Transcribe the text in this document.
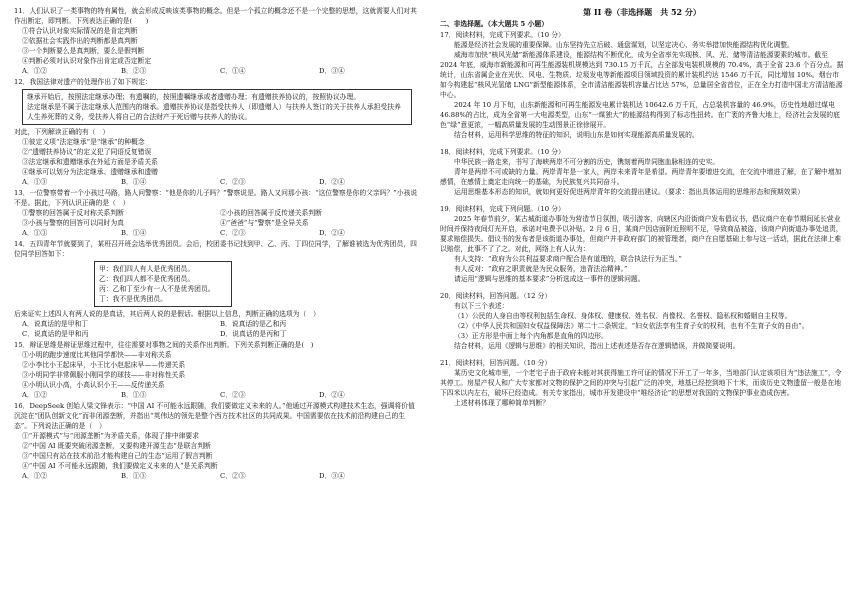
11．人们认识了一类事物的特有属性，就会形成反映该类事物的概念。但是一个孤立的概念还不是一个完整的思想，这就需要人们对其作出断定，即判断。下列表达正确的是(　　)
①符合认识对象实际情况的是肯定判断
②依据社会实践作出的判断都是真判断
③一个判断要么是真判断，要么是假判断
④判断必须对认识对象作出肯定或否定断定
A．①②	B．②③	C．①④	D．③④
12．我国法律对遗产的处理作出了如下规定：
继承开始后，按照法定继承办理；有遗嘱的，按照遗嘱继承或者遗赠办理；有遗赠扶养协议的，按照协议办理。
法定继承是不属于法定继承人范围内的继承。遗赠扶养协议是指受扶养人（即遗赠人）与扶养人签订的关于扶养人承担受扶养人生养死葬的义务，受扶养人将自己的合法财产于死后赠与扶养人的协议。
对此，下列解读正确的有（　）
①彼定义项“法定继承”是“继承”的种概念
②“遗赠扶养协议”的定义犯了同语反复错误
③法定继承和遗赠继承在外延方面是矛盾关系
④继承可以划分为法定继承、遗赠继承和遗赠
A．①③	B．①④	C．②③	D．②④
13．一位警察带着一个小孩过马路，路人问警察：“他是你的儿子吗？”警察说是。路人又问那小孩：“这位警察是你的父亲吗？”小孩说不是。据此，下列认识正确的是（　）
①警察的回答属于反对称关系判断	②小孩的回答属于反传递关系判断
③小孩与警察的回答可以同时为真	④“爸爸”与“警察”是全异关系
A．①③	B．①④	C．②③	D．②④
14．五四青年节就要到了，某班召开班会选举优秀团员。会后，校团委书记找到甲、乙、丙、丁四位同学，了解谁被选为优秀团员，四位同学回答如下：
甲：我们四人有人是优秀团员。
乙：我们四人都不是优秀团员。
丙：乙和丁至少有一人不是优秀团员。
丁：我不是优秀团员。
后来证实上述四人有两人说的是真话，其后两人说的是假话。根据以上信息，判断正确的选项为（　）
A．说真话的是甲和丁	B．说真话的是乙和丙
C．说真话的是甲和丙	D．说真话的是丙和丁
15．辩证思维是辩证思维过程中，往往需要对事物之间的关系作出判断。下列关系判断正确的是(　)
①小明的跑步速度比其他同学都快——非对称关系
②小李比小王起床早，小王比小赵起床早——传递关系
③小明同学非常佩服小刚同学的球技——非对称性关系
④小明认识小高，小高认识小王——反传递关系
A．①②	B．①③	C．②③	D．②④
16．DeepSeek 创始人梁文锋表示：“中国 AI 不可能永远跟随，我们要做定义未来的人。”他通过开源模式构建技术生态，强调将价值沉淀在“团队创新文化”而非闭源垄断，并指出“英伟达的领先是整个西方技术社区的共同成果。中国需要依在技术前沿构建自己的生态”。下列说法正确的是（　）
①“开源模式”与“闭源垄断”为矛盾关系，体现了排中律要求
②“中国 AI 既要突破闭源垄断，又要构建开源生态”是联言判断
③“中国只有站在技术前沿才能构建自己的生态”运用了假言判断
④“中国 AI 不可能永远跟随，我们要做定义未来的人”是关系判断
A．①②	B．①③	C．②③	D．③④
第 II 卷（非选择题　共 52 分）
二、非选择题。（本大题共 5 小题）
17．阅读材料，完成下列要求。（10 分）
能源是经济社会发展的重要保障。山东坚持先立后破、通盘谋划，以坚定决心、务实举措加快能源结构优化调整。
威海市加快“核风光储”新能源体系建设，能源结构不断优化，成为全省率先实现核、风、光、储等清洁能源要素的城市。截至 2024 年底，威海市新能源和可再生能源装机规模达到 730.15 万千瓦，占全部发电装机规模的 70.4%，高于全省 23.6 个百分点。据统计，山东省属企业在光伏、风电、生物质、垃圾发电等新能源项目领域投资的累计装机约达 1546 万千瓦，同比增加 10%。烟台市如今构建起“核风光氢储 LNG”新型能源体系，全市清洁能源装机容量占比达 57%，总量居全省首位，正在全力打造中国北方清洁能源中心。
2024 年 10 月下旬，山东新能源和可再生能源发电累计装机达 10642.6 万千瓦，占总装机容量的 46.9%，历史性地超过煤电 46.88%的占比，成为全省第一大电源类型，山东“一煤独大”的能源结构得到了标志性扭转。在广袤的齐鲁大地上，经济社会发展的底色“绿”意更浓，一幅高质量发展的生动图景正徐徐展开。
结合材料，运用科学思维的特征的知识，说明山东是如何实现能源高质量发展的。
18．阅读材料，完成下列要求。（10 分）
中华民族一路走来，书写了海峡两岸不可分割的历史，镌刻着两岸同胞血脉相连的史实。
青年是两岸不可或缺的力量。两岸青年是一家人，两岸未来青年是希望。两岸青年要增进交流，在交流中增进了解，在了解中增加感情，在感情上奠定走向统一的基础，为民族复兴共同奋斗。
运用思维基本形态的知识，就如何更好促进两岸青年的交流提出建议。（要求：指出具体运用的思维形态和预期效果）
19．阅读材料，完成下列问题。（10 分）
2025 年春节前夕，某古城街道办事处为营造节日氛围，吸引游客，向辖区内沿街商户发布倡议书，倡议商户在春节期间延长营业时间并保持夜间灯光开启，承诺对电费予以补贴。2 月 6 日，某商户因店面附近照明不足，导致商品被盗，该商户向街道办事处追责，要求赔偿损失。倡议书的发布者是该街道办事处，但商户并非政府部门的被管理者，商户在自愿基础上参与这一活动，据此在法律上难以赔偿，此事不了了之。对此，网络上有人认为：
有人支持：“政府为公共利益要求商户配合是有道理的，联合执法行为正当。”
有人反对：“政府之职责就是为民众服务，违背法治精神。”
请运用“逻辑与思维的基本要求”分析选成这一事件的逻辑问题。
20．阅读材料，回答问题。（12 分）
有以下三个表述：
（1）公民的人身自由等权利包括生命权、身体权、健康权、姓名权、肖像权、名誉权、隐私权和婚姻自主权等。
（2）《中华人民共和国妇女权益保障法》第二十二条规定，“妇女依法享有生育子女的权利，也有不生育子女的自由”。
（3）正方形是中面上每个内角都是直角的四边形。
结合材料，运用《逻辑与思维》的相关知识，指出上述表述是否存在逻辑错误，并做简要说明。
21．阅读材料，回答问题。（10 分）
某历史文化城市里，一个老宅子由于政府未能对其获得施工许可证的情况下开工了一年多，当地部门认定该项目为“违法施工”，令其停工。房屋产权人和广大专家都对文物的保护之间的冲突与引起广泛的冲突，地基已经挖到地下十米，而该历史文物遗留一般是在地下四米以内左右，破坏已经造成。有关专家指出，城市开发建设中“唯经济论”的思想对我国的文物保护事业造成伤害。
上述材料体现了哪种简单判断？
